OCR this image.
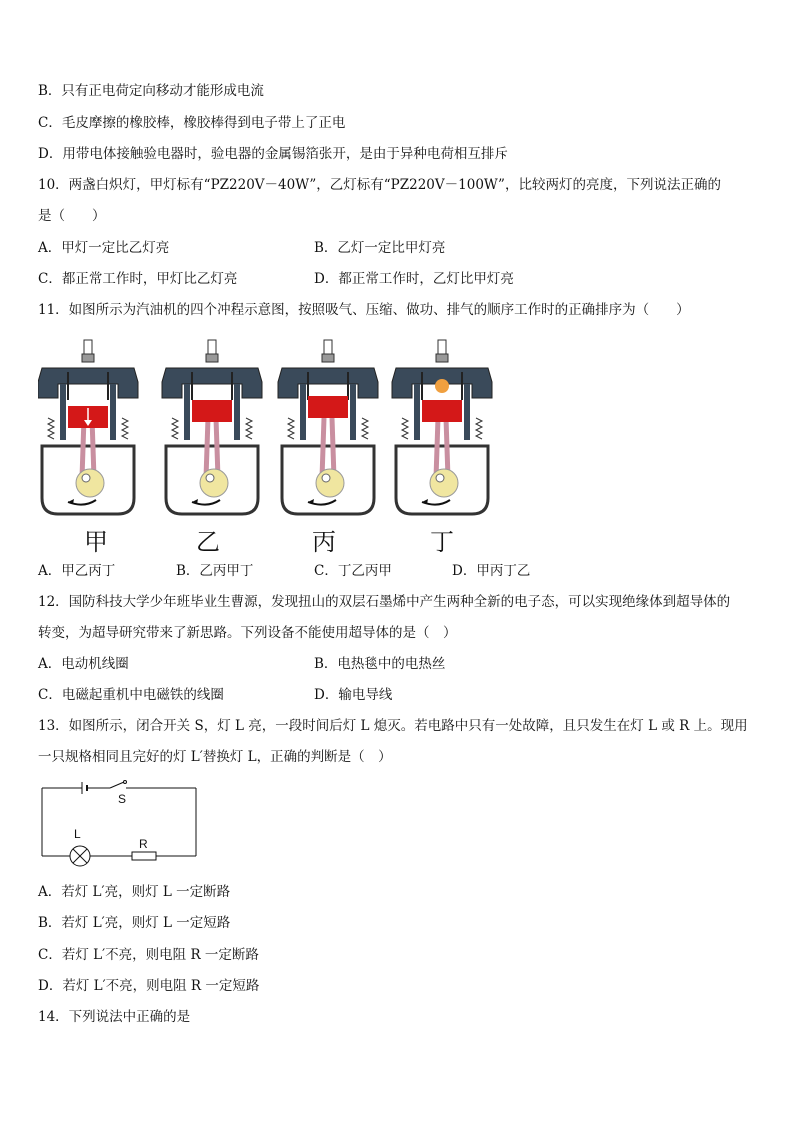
B．只有正电荷定向移动才能形成电流
C．毛皮摩擦的橡胶棒，橡胶棒得到电子带上了正电
D．用带电体接触验电器时，验电器的金属锡箔张开，是由于异种电荷相互排斥
10．两盏白炽灯，甲灯标有“PZ220V－40W”，乙灯标有“PZ220V－100W”，比较两灯的亮度，下列说法正确的
是（　　）
A．甲灯一定比乙灯亮	B．乙灯一定比甲灯亮
C．都正常工作时，甲灯比乙灯亮	D．都正常工作时，乙灯比甲灯亮
11．如图所示为汽油机的四个冲程示意图，按照吸气、压缩、做功、排气的顺序工作时的正确排序为（　　）
甲	乙	丙	丁
A．甲乙丙丁	B．乙丙甲丁	C．丁乙丙甲	D．甲丙丁乙
12．国防科技大学少年班毕业生曹源，发现扭山的双层石墨烯中产生两种全新的电子态，可以实现绝缘体到超导体的
转变，为超导研究带来了新思路。下列设备不能使用超导体的是（　）
A．电动机线圈	B．电热毯中的电热丝
C．电磁起重机中电磁铁的线圈	D．输电导线
13．如图所示，闭合开关 S，灯 L 亮，一段时间后灯 L 熄灭。若电路中只有一处故障，且只发生在灯 L 或 R 上。现用
一只规格相同且完好的灯 L′替换灯 L，正确的判断是（　）
S
L
R
A．若灯 L′亮，则灯 L 一定断路
B．若灯 L′亮，则灯 L 一定短路
C．若灯 L′不亮，则电阻 R 一定断路
D．若灯 L′不亮，则电阻 R 一定短路
14．下列说法中正确的是
